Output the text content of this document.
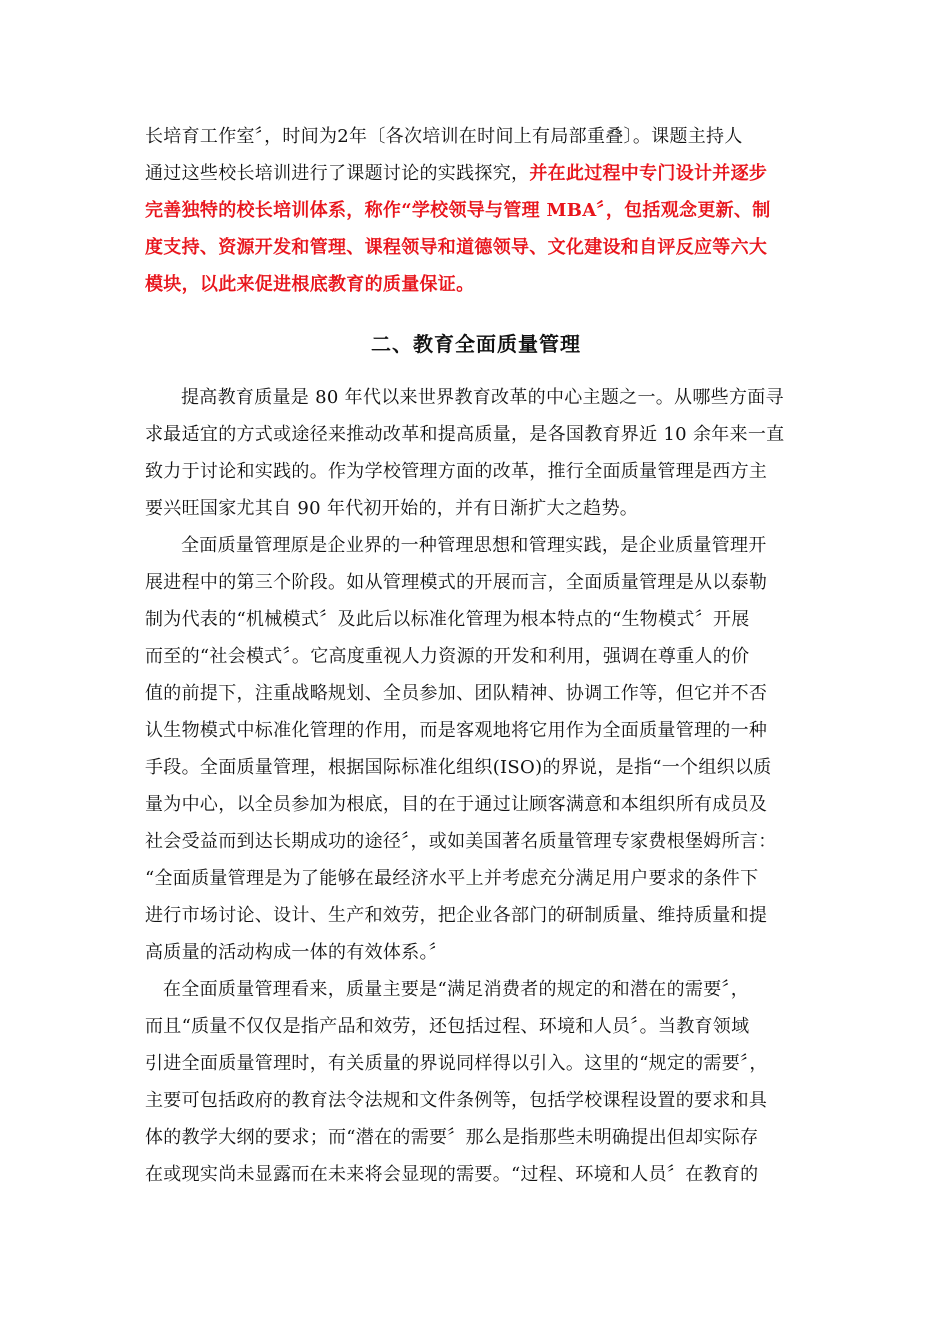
长培育工作室〞，时间为2年〔各次培训在时间上有局部重叠〕。课题主持人
通过这些校长培训进行了课题讨论的实践探究，并在此过程中专门设计并逐步
完善独特的校长培训体系，称作“学校领导与管理 MBA〞，包括观念更新、制
度支持、资源开发和管理、课程领导和道德领导、文化建设和自评反应等六大
模块，以此来促进根底教育的质量保证。
二、教育全面质量管理
提高教育质量是 80 年代以来世界教育改革的中心主题之一。从哪些方面寻
求最适宜的方式或途径来推动改革和提高质量，是各国教育界近 10 余年来一直
致力于讨论和实践的。作为学校管理方面的改革，推行全面质量管理是西方主
要兴旺国家尤其自 90 年代初开始的，并有日渐扩大之趋势。
全面质量管理原是企业界的一种管理思想和管理实践，是企业质量管理开
展进程中的第三个阶段。如从管理模式的开展而言，全面质量管理是从以泰勒
制为代表的“机械模式〞及此后以标准化管理为根本特点的“生物模式〞开展
而至的“社会模式〞。它高度重视人力资源的开发和利用，强调在尊重人的价
值的前提下，注重战略规划、全员参加、团队精神、协调工作等，但它并不否
认生物模式中标准化管理的作用，而是客观地将它用作为全面质量管理的一种
手段。全面质量管理，根据国际标准化组织(ISO)的界说，是指“一个组织以质
量为中心，以全员参加为根底，目的在于通过让顾客满意和本组织所有成员及
社会受益而到达长期成功的途径〞，或如美国著名质量管理专家费根堡姆所言：
“全面质量管理是为了能够在最经济水平上并考虑充分满足用户要求的条件下
进行市场讨论、设计、生产和效劳，把企业各部门的研制质量、维持质量和提
高质量的活动构成一体的有效体系。〞
在全面质量管理看来，质量主要是“满足消费者的规定的和潜在的需要〞，
而且“质量不仅仅是指产品和效劳，还包括过程、环境和人员〞。当教育领域
引进全面质量管理时，有关质量的界说同样得以引入。这里的“规定的需要〞，
主要可包括政府的教育法令法规和文件条例等，包括学校课程设置的要求和具
体的教学大纲的要求；而“潜在的需要〞那么是指那些未明确提出但却实际存
在或现实尚未显露而在未来将会显现的需要。“过程、环境和人员〞在教育的
